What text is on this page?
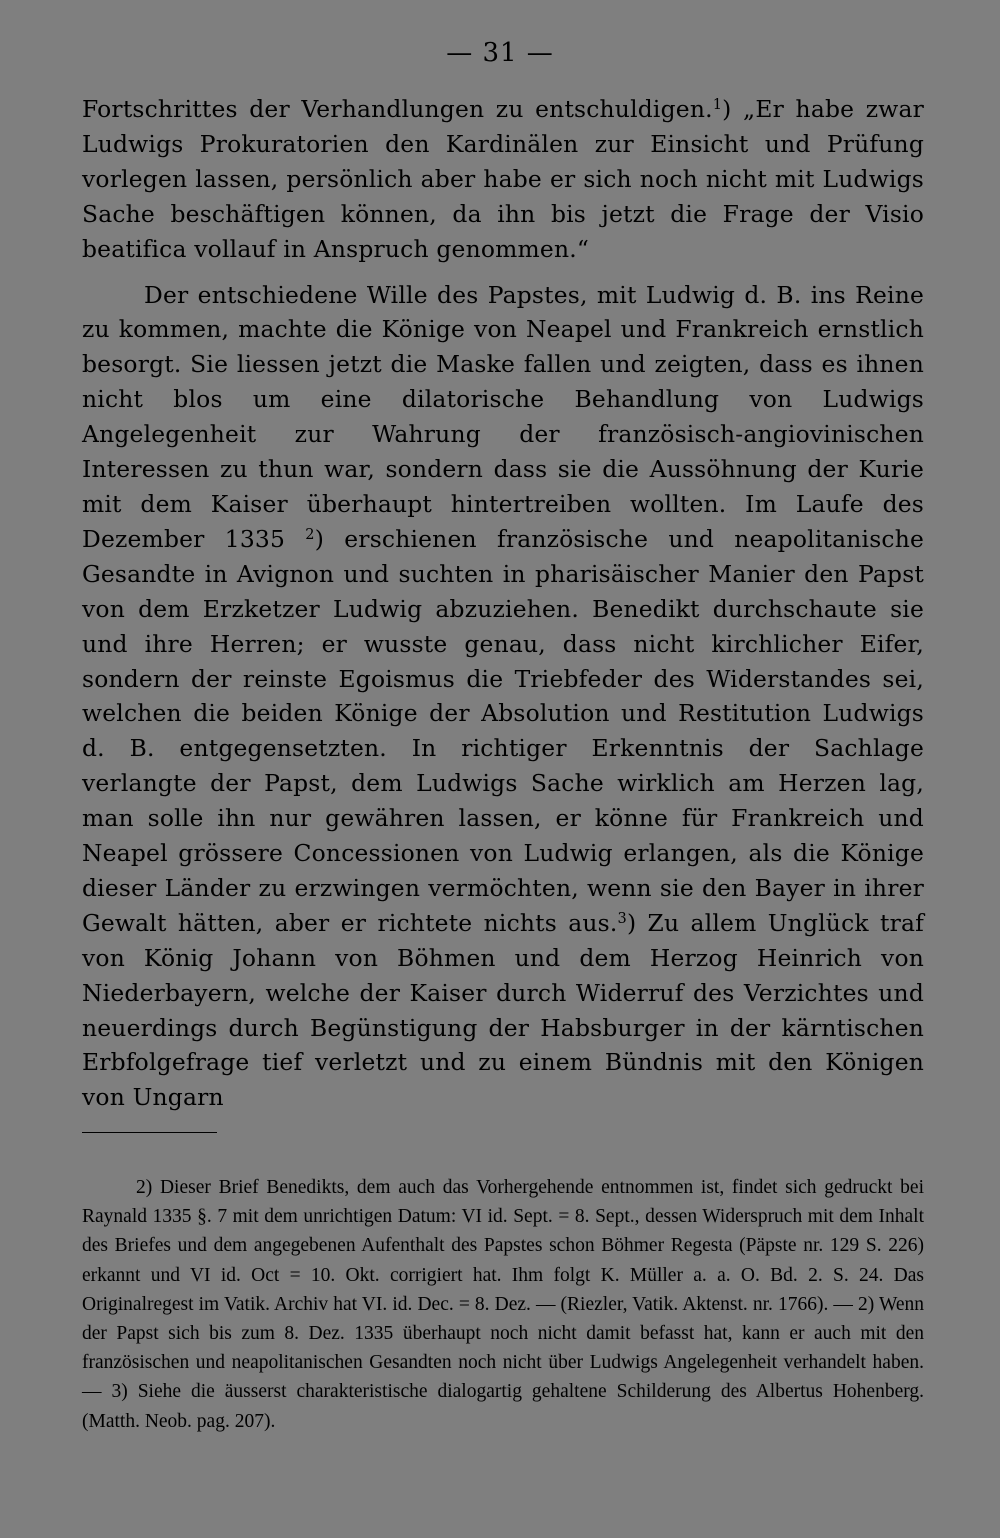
— 31 —

Fortschrittes der Verhandlungen zu entschuldigen.$^1$) „Er habe zwar Ludwigs Prokuratorien den Kardinälen zur Einsicht und Prüfung vorlegen lassen, persönlich aber habe er sich noch nicht mit Ludwigs Sache beschäftigen können, da ihn bis jetzt die Frage der Visio beatifica vollauf in Anspruch genommen.“

Der entschiedene Wille des Papstes, mit Ludwig d. B. ins Reine zu kommen, machte die Könige von Neapel und Frankreich ernstlich besorgt. Sie liessen jetzt die Maske fallen und zeigten, dass es ihnen nicht blos um eine dilatorische Behandlung von Ludwigs Angelegenheit zur Wahrung der französisch-angiovinischen Interessen zu thun war, sondern dass sie die Aussöhnung der Kurie mit dem Kaiser überhaupt hintertreiben wollten. Im Laufe des Dezember 1335 $^2$) erschienen französische und neapolitanische Gesandte in Avignon und suchten in pharisäischer Manier den Papst von dem Erzketzer Ludwig abzuziehen. Benedikt durchschaute sie und ihre Herren; er wusste genau, dass nicht kirchlicher Eifer, sondern der reinste Egoismus die Triebfeder des Widerstandes sei, welchen die beiden Könige der Absolution und Restitution Ludwigs d. B. entgegensetzten. In richtiger Erkenntnis der Sachlage verlangte der Papst, dem Ludwigs Sache wirklich am Herzen lag, man solle ihn nur gewähren lassen, er könne für Frankreich und Neapel grössere Concessionen von Ludwig erlangen, als die Könige dieser Länder zu erzwingen vermöchten, wenn sie den Bayer in ihrer Gewalt hätten, aber er richtete nichts aus.$^3$) Zu allem Unglück traf von König Johann von Böhmen und dem Herzog Heinrich von Niederbayern, welche der Kaiser durch Widerruf des Verzichtes und neuerdings durch Begünstigung der Habsburger in der kärntischen Erbfolgefrage tief verletzt und zu einem Bündnis mit den Königen von Ungarn

2) Dieser Brief Benedikts, dem auch das Vorhergehende entnommen ist, findet sich gedruckt bei Raynald 1335 §. 7 mit dem unrichtigen Datum: VI id. Sept. = 8. Sept., dessen Widerspruch mit dem Inhalt des Briefes und dem angegebenen Aufenthalt des Papstes schon Böhmer Regesta (Päpste nr. 129 S. 226) erkannt und VI id. Oct = 10. Okt. corrigiert hat. Ihm folgt K. Müller a. a. O. Bd. 2. S. 24. Das Originalregest im Vatik. Archiv hat VI. id. Dec. = 8. Dez. — (Riezler, Vatik. Aktenst. nr. 1766). — 2) Wenn der Papst sich bis zum 8. Dez. 1335 überhaupt noch nicht damit befasst hat, kann er auch mit den französischen und neapolitanischen Gesandten noch nicht über Ludwigs Angelegenheit verhandelt haben. — 3) Siehe die äusserst charakteristische dialogartig gehaltene Schilderung des Albertus Hohenberg. (Matth. Neob. pag. 207).
